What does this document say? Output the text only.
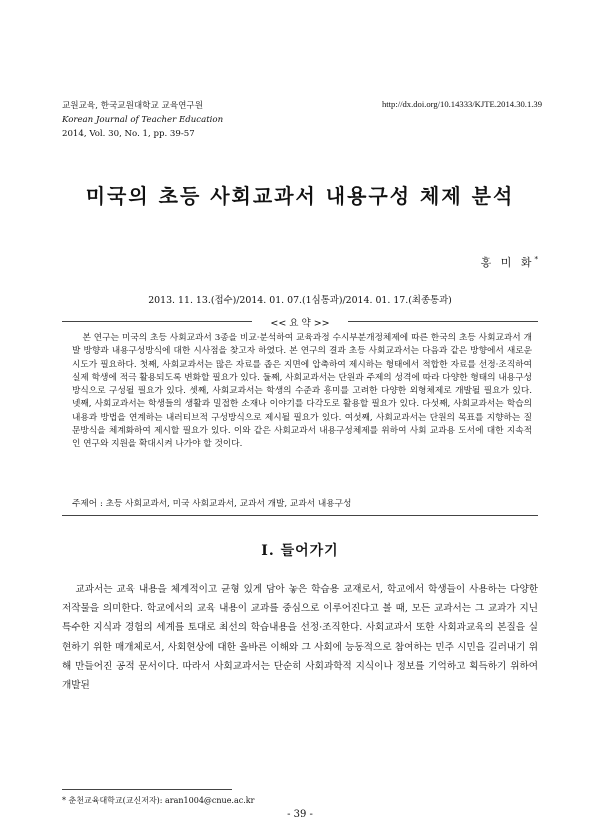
교원교육, 한국교원대학교 교육연구원
Korean Journal of Teacher Education
2014, Vol. 30, No. 1, pp. 39-57
http://dx.doi.org/10.14333/KJTE.2014.30.1.39
미국의 초등 사회교과서 내용구성 체제 분석
홍 미 화*
2013. 11. 13.(접수)/2014. 01. 07.(1심통과)/2014. 01. 17.(최종통과)
<< 요 약 >>

본 연구는 미국의 초등 사회교과서 3종을 비교·분석하여 교육과정 수시부분개정체제에 따른 한국의 초등 사회교과서 개발 방향과 내용구성방식에 대한 시사점을 찾고자 하였다. 본 연구의 결과 초등 사회교과서는 다음과 같은 방향에서 새로운 시도가 필요하다. 첫째, 사회교과서는 많은 자료를 좁은 지면에 압축하여 제시하는 형태에서 적합한 자료를 선정·조직하여 실제 학생에 적극 활용되도록 변화할 필요가 있다. 둘째, 사회교과서는 단원과 주제의 성격에 따라 다양한 형태의 내용구성방식으로 구성될 필요가 있다. 셋째, 사회교과서는 학생의 수준과 흥미를 고려한 다양한 외형체제로 개발될 필요가 있다. 넷째, 사회교과서는 학생들의 생활과 밀접한 소재나 이야기를 다각도로 활용할 필요가 있다. 다섯째, 사회교과서는 학습의 내용과 방법을 연계하는 내러티브적 구성방식으로 제시될 필요가 있다. 여섯째, 사회교과서는 단원의 목표를 지향하는 질문방식을 체계화하여 제시할 필요가 있다. 이와 같은 사회교과서 내용구성체제를 위하여 사회 교과용 도서에 대한 지속적인 연구와 지원을 확대시켜 나가야 할 것이다.

주제어 : 초등 사회교과서, 미국 사회교과서, 교과서 개발, 교과서 내용구성
Ⅰ. 들어가기

교과서는 교육 내용을 체계적이고 균형 있게 담아 놓은 학습용 교재로서, 학교에서 학생들이 사용하는 다양한 저작물을 의미한다. 학교에서의 교육 내용이 교과를 중심으로 이루어진다고 볼 때, 모든 교과서는 그 교과가 지닌 특수한 지식과 경험의 세계를 토대로 최선의 학습내용을 선정·조직한다. 사회교과서 또한 사회과교육의 본질을 실현하기 위한 매개체로서, 사회현상에 대한 올바른 이해와 그 사회에 능동적으로 참여하는 민주 시민을 길러내기 위해 만들어진 공적 문서이다. 따라서 사회교과서는 단순히 사회과학적 지식이나 정보를 기억하고 획득하기 위하여 개발된

* 춘천교육대학교(교신저자): aran1004@cnue.ac.kr
- 39 -
